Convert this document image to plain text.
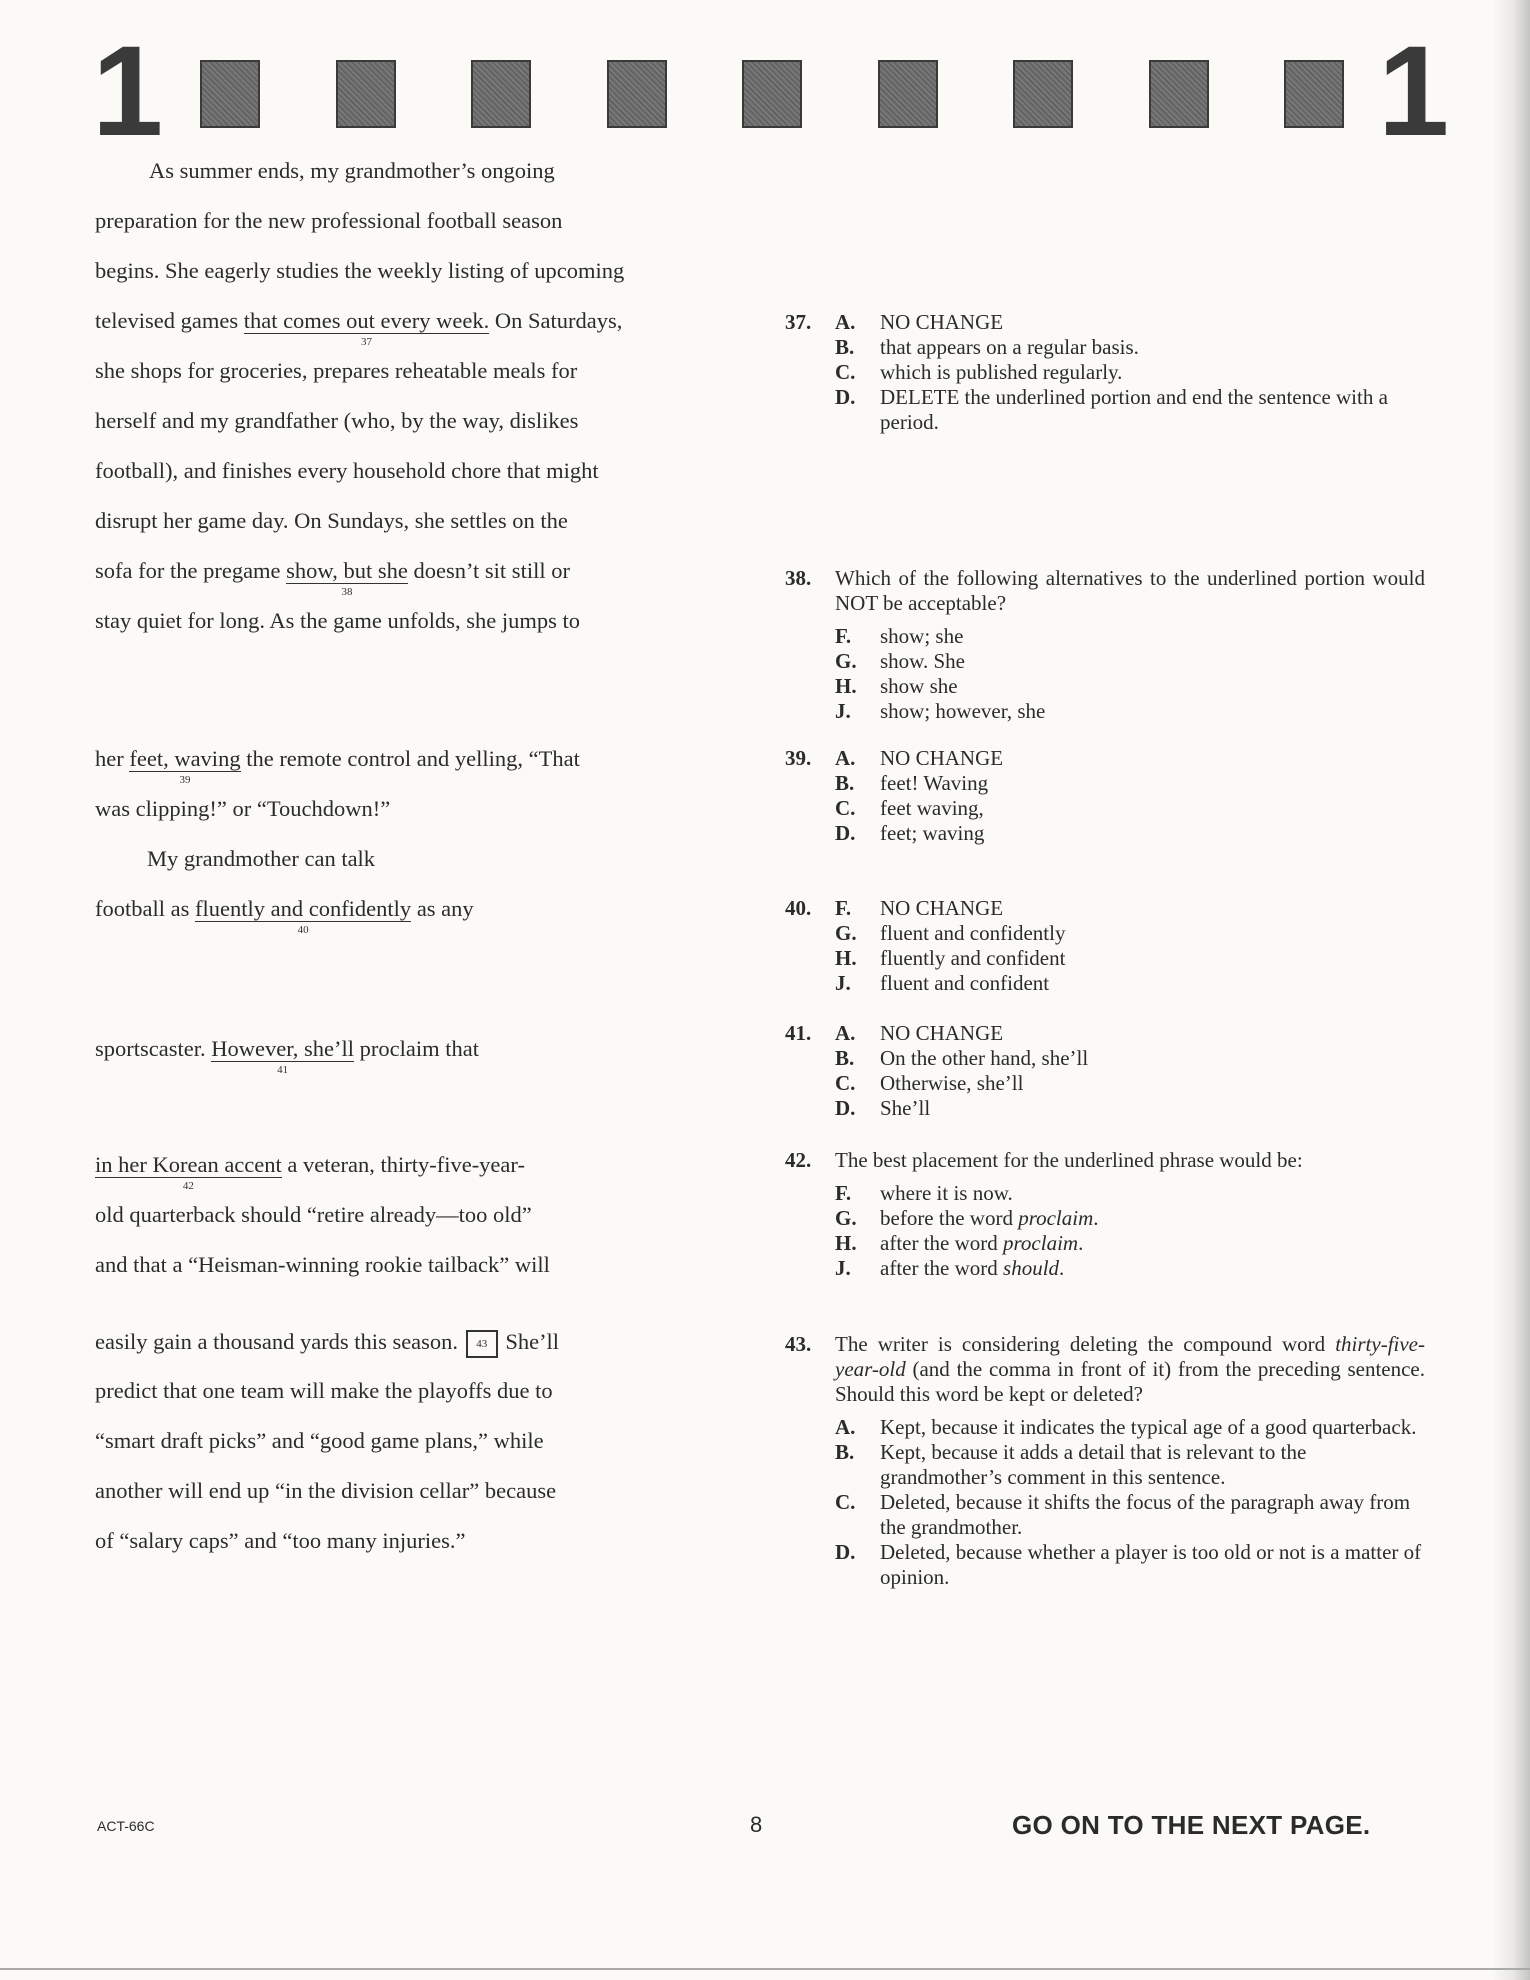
1	1
As summer ends, my grandmother’s ongoing
preparation for the new professional football season
begins. She eagerly studies the weekly listing of upcoming
televised games that comes out every week.
37
On Saturdays,
she shops for groceries, prepares reheatable meals for
herself and my grandfather (who, by the way, dislikes
football), and finishes every household chore that might
disrupt her game day. On Sundays, she settles on the
sofa for the pregame show, but she
38
doesn’t sit still or
stay quiet for long. As the game unfolds, she jumps to
her feet, waving
39
the remote control and yelling, “That
was clipping!” or “Touchdown!”
My grandmother can talk
football as fluently and confidently
40
as any
sportscaster. However, she’ll
41
proclaim that
in her Korean accent
42
a veteran, thirty-five-year-
old quarterback should “retire already—too old”
and that a “Heisman-winning rookie tailback” will
easily gain a thousand yards this season. 43 She’ll
predict that one team will make the playoffs due to
“smart draft picks” and “good game plans,” while
another will end up “in the division cellar” because
of “salary caps” and “too many injuries.”
37. A.	NO CHANGE
B.	that appears on a regular basis.
C.	which is published regularly.
D.	DELETE the underlined portion and end the sentence with a period.
38. Which of the following alternatives to the underlined portion would NOT be acceptable?
F.	show; she
G.	show. She
H.	show she
J.	show; however, she
39. A.	NO CHANGE
B.	feet! Waving
C.	feet waving,
D.	feet; waving
40. F.	NO CHANGE
G.	fluent and confidently
H.	fluently and confident
J.	fluent and confident
41. A.	NO CHANGE
B.	On the other hand, she’ll
C.	Otherwise, she’ll
D.	She’ll
42. The best placement for the underlined phrase would be:
F.	where it is now.
G.	before the word proclaim.
H.	after the word proclaim.
J.	after the word should.
43. The writer is considering deleting the compound word thirty-five-year-old (and the comma in front of it) from the preceding sentence. Should this word be kept or deleted?
A.	Kept, because it indicates the typical age of a good quarterback.
B.	Kept, because it adds a detail that is relevant to the grandmother’s comment in this sentence.
C.	Deleted, because it shifts the focus of the paragraph away from the grandmother.
D.	Deleted, because whether a player is too old or not is a matter of opinion.
ACT-66C	8	GO ON TO THE NEXT PAGE.
